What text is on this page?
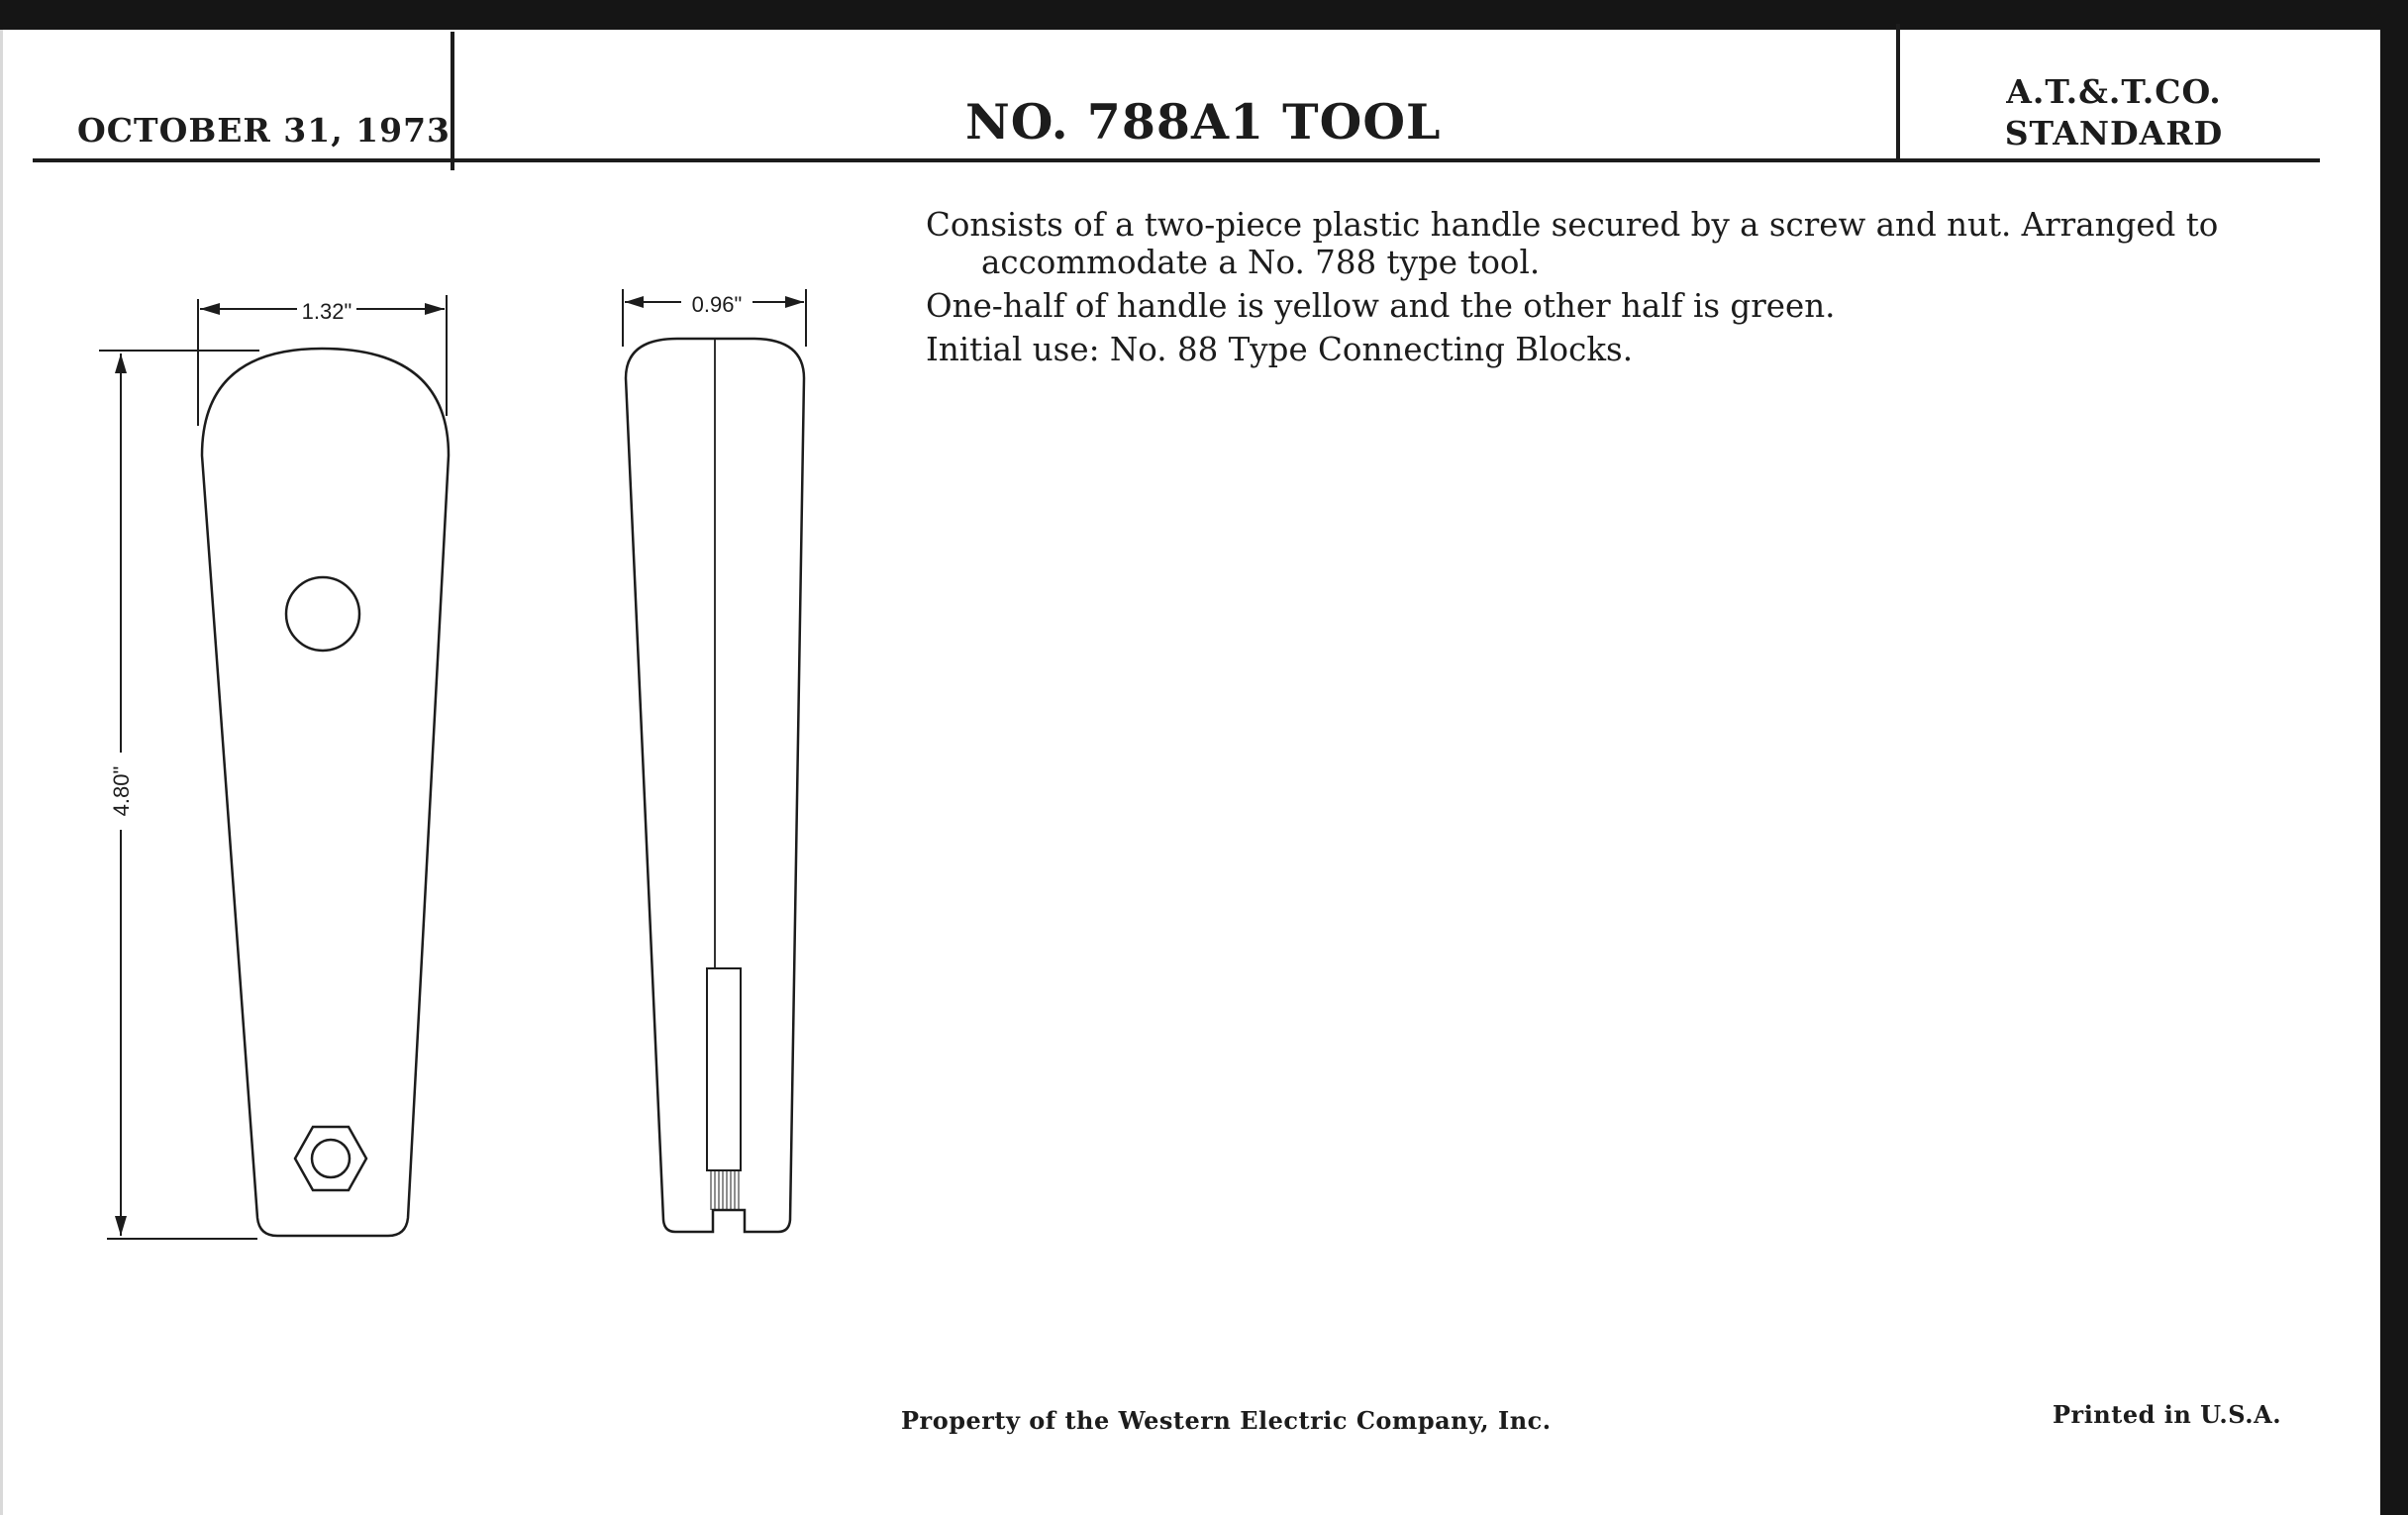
OCTOBER 31, 1973	NO. 788A1 TOOL
A.T.&.T.CO.
STANDARD

Consists of a two-piece plastic handle secured by a screw and nut. Arranged to accommodate a No. 788 type tool.

One-half of handle is yellow and the other half is green.

Initial use: No. 88 Type Connecting Blocks.

1.32"	0.96"
4.80"
Property of the Western Electric Company, Inc.	Printed in U.S.A.
